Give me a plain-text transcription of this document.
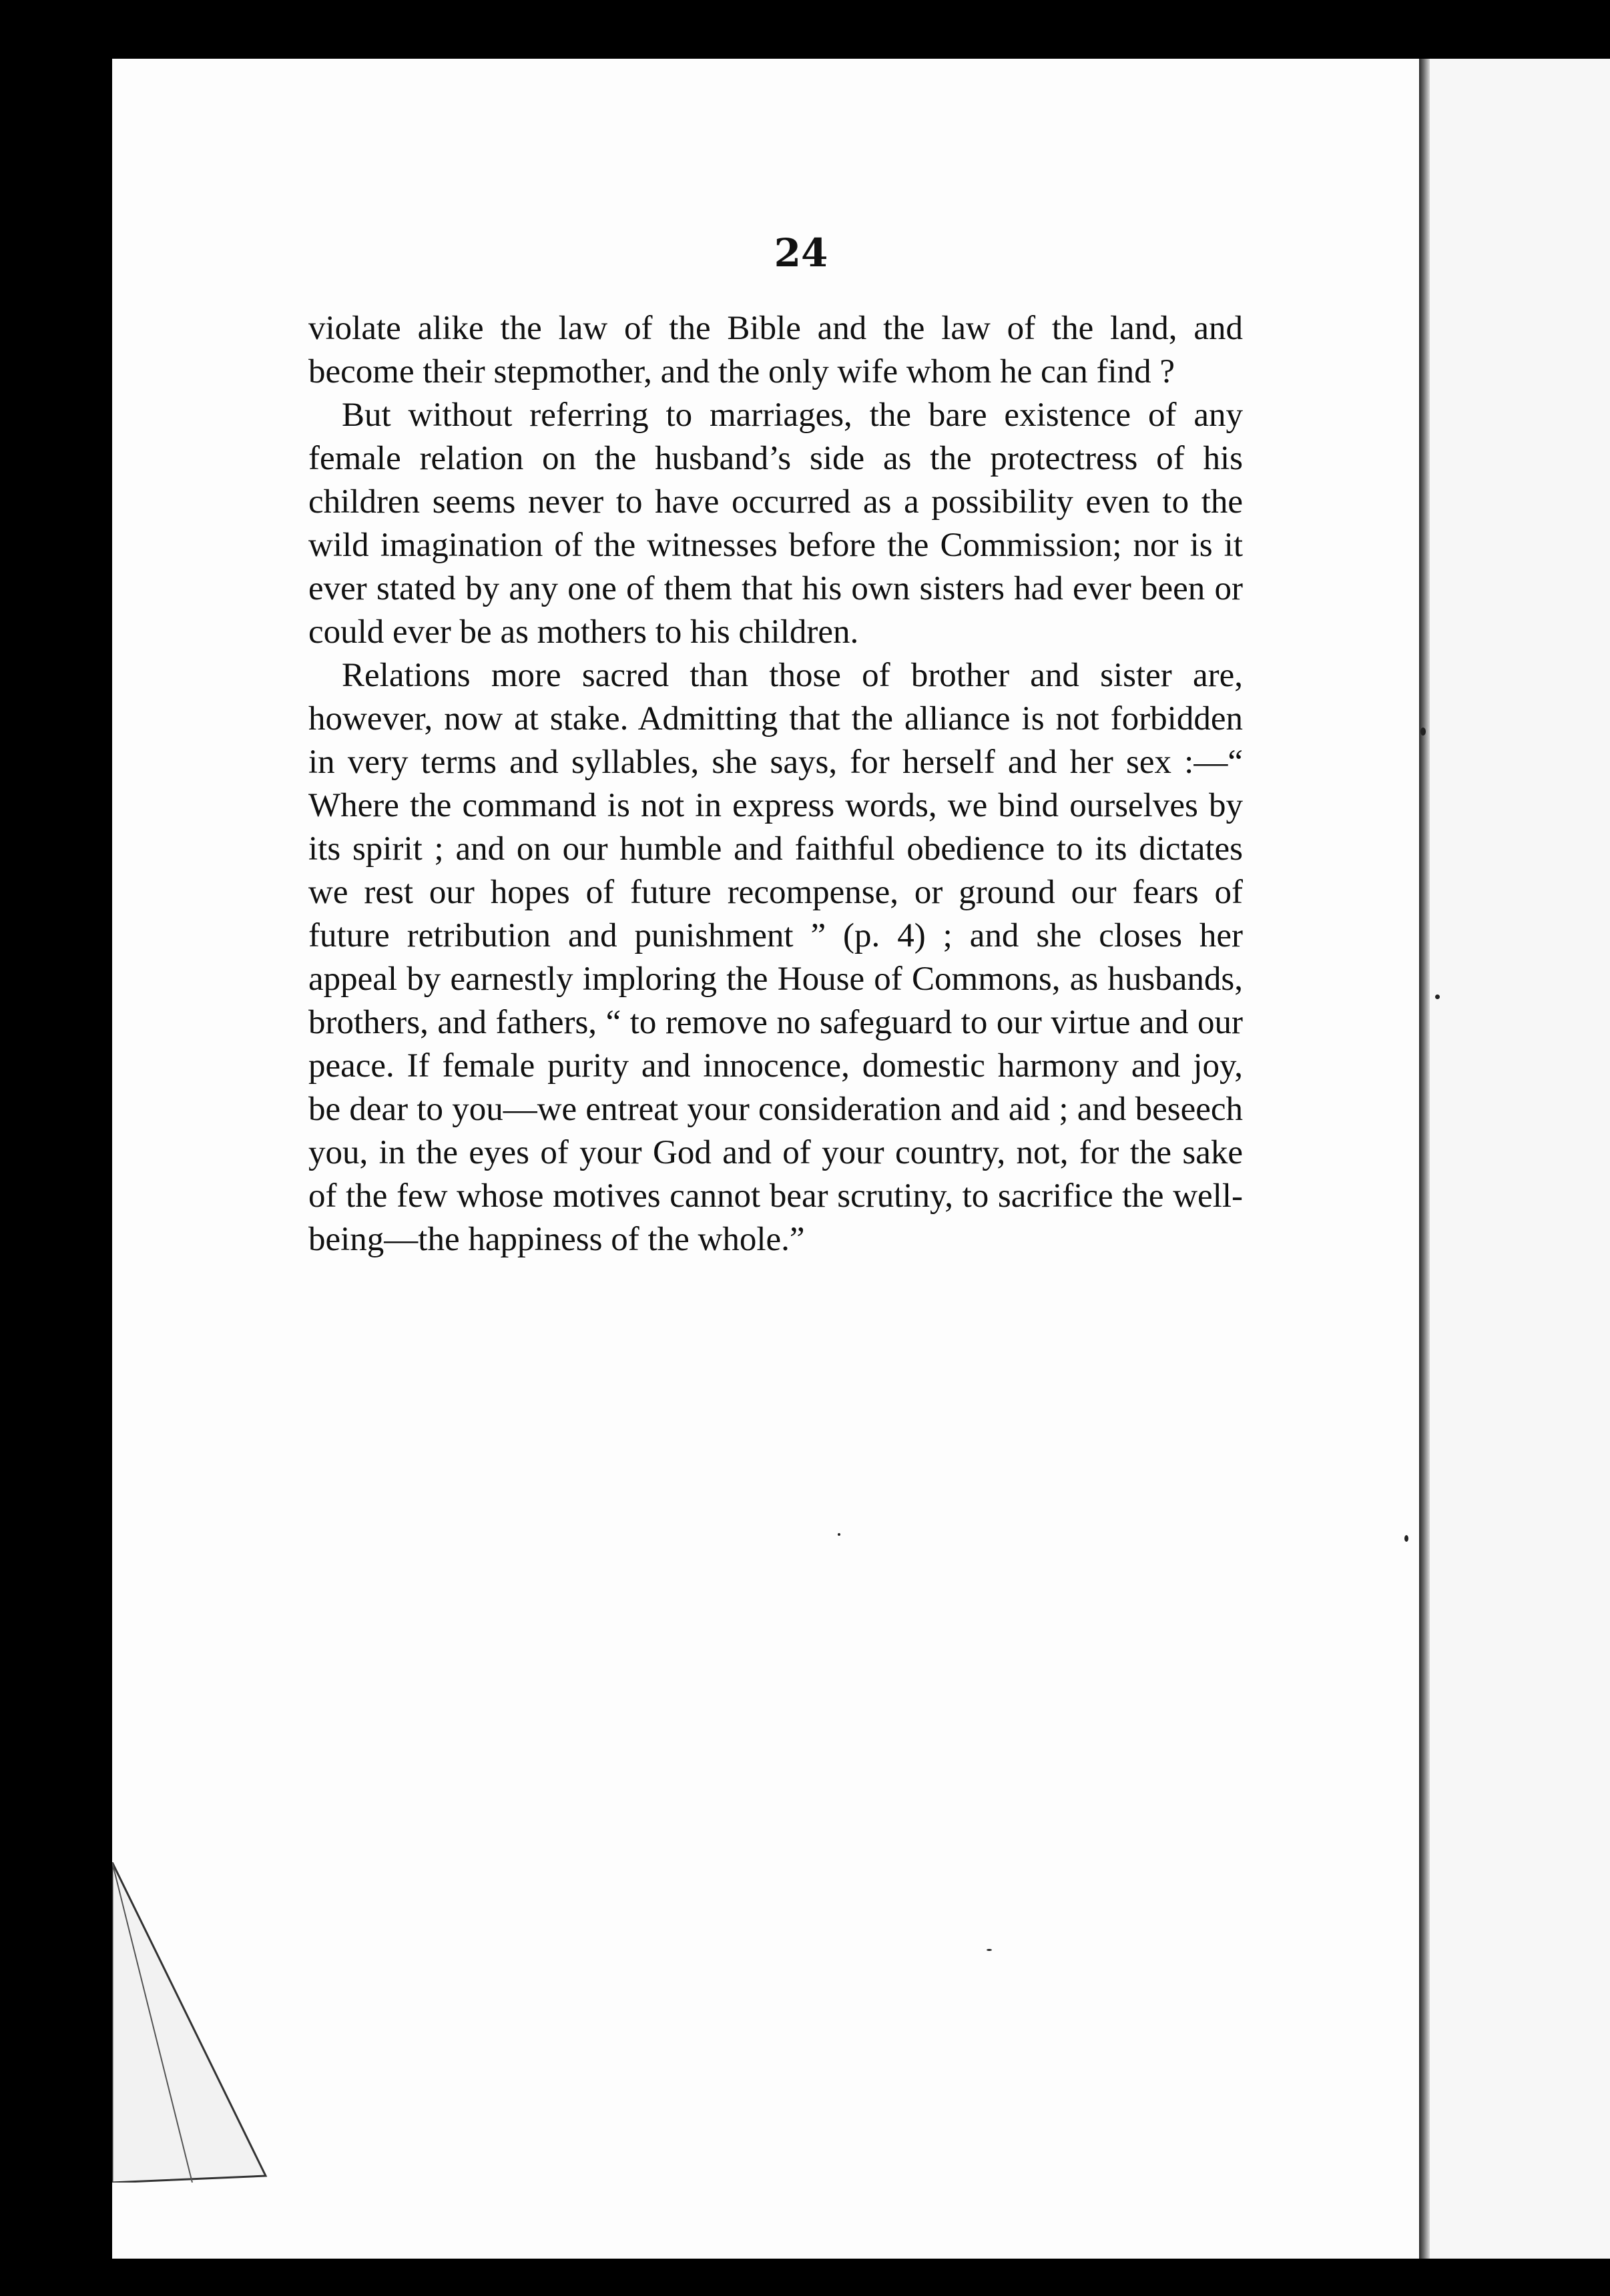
24

violate alike the law of the Bible and the law of the land, and become their stepmother, and the only wife whom he can find ?

But without referring to marriages, the bare existence of any female relation on the husband’s side as the protectress of his children seems never to have occurred as a possibility even to the wild imagination of the witnesses before the Commission; nor is it ever stated by any one of them that his own sisters had ever been or could ever be as mothers to his children.

Relations more sacred than those of brother and sister are, however, now at stake. Admitting that the alliance is not forbidden in very terms and syllables, she says, for herself and her sex :—“ Where the command is not in express words, we bind ourselves by its spirit ; and on our humble and faithful obedience to its dictates we rest our hopes of future recompense, or ground our fears of future retribution and punishment ” (p. 4) ; and she closes her appeal by earnestly imploring the House of Commons, as husbands, brothers, and fathers, “ to remove no safeguard to our virtue and our peace. If female purity and innocence, domestic harmony and joy, be dear to you—we entreat your consideration and aid ; and beseech you, in the eyes of your God and of your country, not, for the sake of the few whose motives cannot bear scrutiny, to sacrifice the well-being—the happiness of the whole.”
